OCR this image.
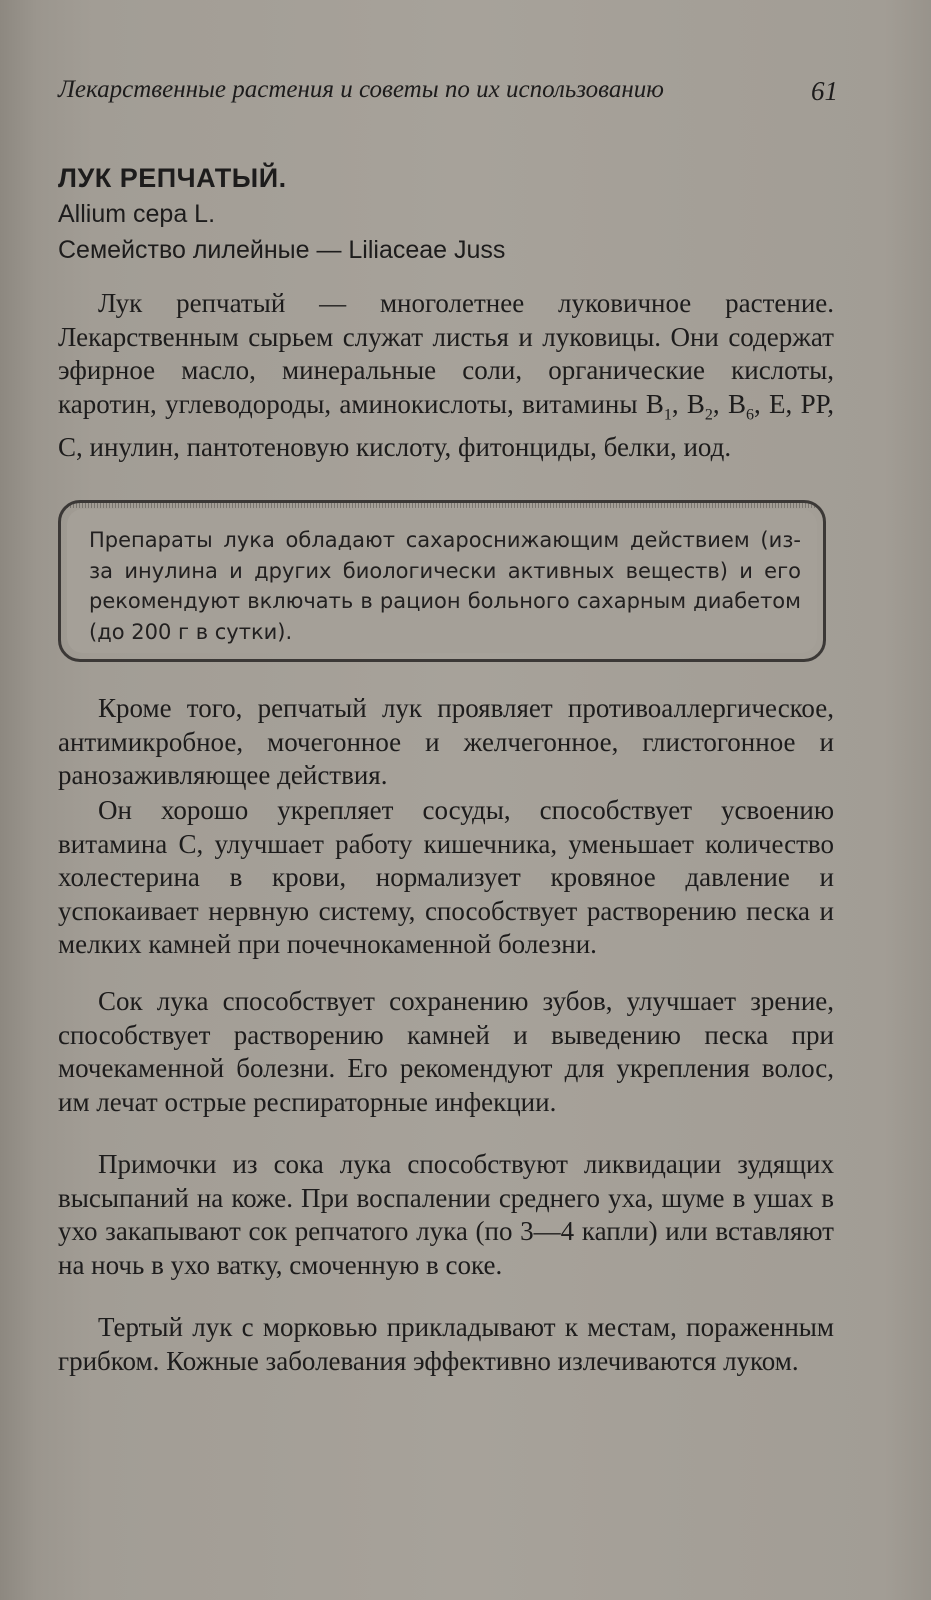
Лекарственные растения и советы по их использованию	61
ЛУК РЕПЧАТЫЙ.
Allium cepa L.
Семейство лилейные — Liliaceae Juss

Лук репчатый — многолетнее луковичное растение. Лекарственным сырьем служат листья и луковицы. Они содержат эфирное масло, минеральные соли, органические кислоты, каротин, углеводороды, аминокислоты, витамины $B_1$, $B_2$, $B_6$, Е, РР, С, инулин, пантотеновую кислоту, фитонциды, белки, иод.

Препараты лука обладают сахароснижающим действием (из-за инулина и других биологически активных веществ) и его рекомендуют включать в рацион больного сахарным диабетом (до 200 г в сутки).

Кроме того, репчатый лук проявляет противоаллергическое, антимикробное, мочегонное и желчегонное, глистогонное и ранозаживляющее действия.

Он хорошо укрепляет сосуды, способствует усвоению витамина С, улучшает работу кишечника, уменьшает количество холестерина в крови, нормализует кровяное давление и успокаивает нервную систему, способствует растворению песка и мелких камней при почечнокаменной болезни.

Сок лука способствует сохранению зубов, улучшает зрение, способствует растворению камней и выведению песка при мочекаменной болезни. Его рекомендуют для укрепления волос, им лечат острые респираторные инфекции.

Примочки из сока лука способствуют ликвидации зудящих высыпаний на коже. При воспалении среднего уха, шуме в ушах в ухо закапывают сок репчатого лука (по 3—4 капли) или вставляют на ночь в ухо ватку, смоченную в соке.

Тертый лук с морковью прикладывают к местам, пораженным грибком. Кожные заболевания эффективно излечиваются луком.
